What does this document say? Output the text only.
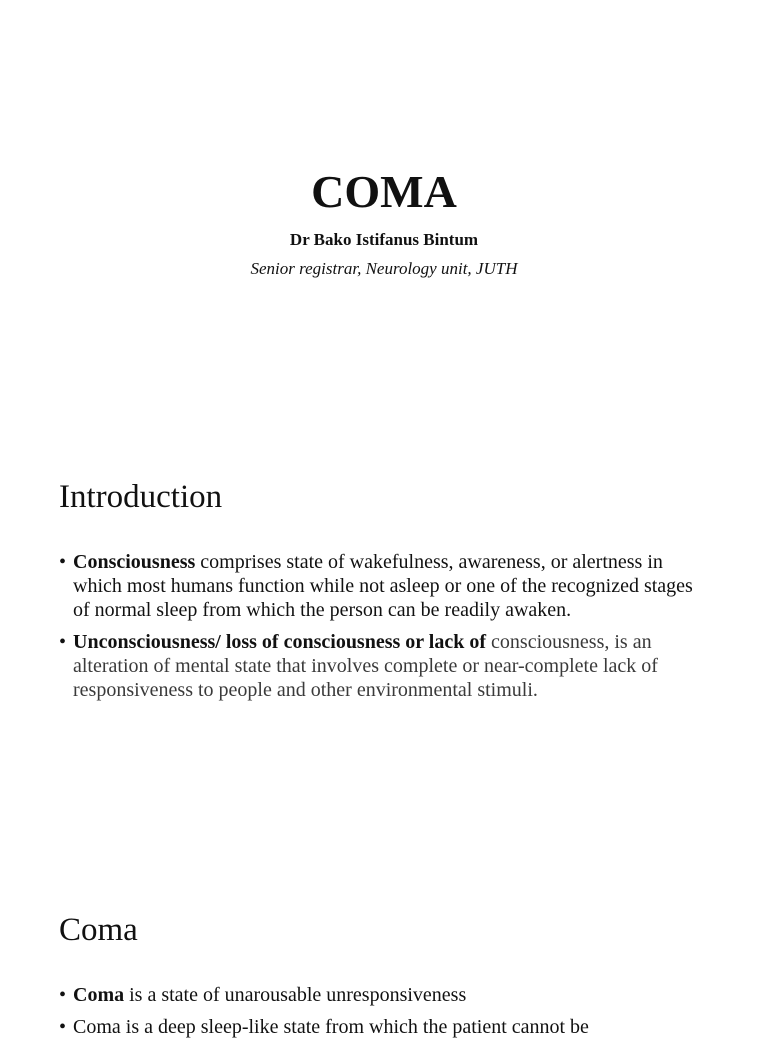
COMA
Dr Bako Istifanus Bintum
Senior registrar, Neurology unit, JUTH
Introduction
• Consciousness comprises state of wakefulness, awareness, or alertness in which most humans function while not asleep or one of the recognized stages of normal sleep from which the person can be readily awaken.
• Unconsciousness/ loss of consciousness or lack of consciousness, is an alteration of mental state that involves complete or near-complete lack of responsiveness to people and other environmental stimuli.
Coma
• Coma is a state of unarousable unresponsiveness
• Coma is a deep sleep-like state from which the patient cannot be
